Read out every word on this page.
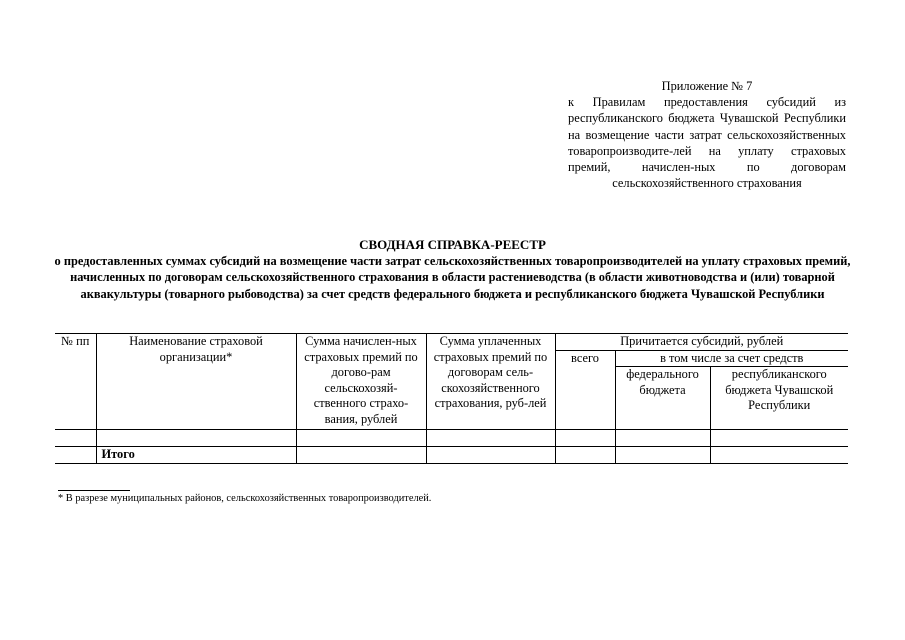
Приложение № 7
к Правилам предоставления субсидий из республиканского бюджета Чувашской Республики на возмещение части затрат сельскохозяйственных товаропроизводите-лей на уплату страховых премий, начислен-ных по договорам сельскохозяйственного страхования
СВОДНАЯ СПРАВКА-РЕЕСТР
о предоставленных суммах субсидий на возмещение части затрат сельскохозяйственных товаропроизводителей на уплату страховых премий, начисленных по договорам сельскохозяйственного страхования в области растениеводства (в области животноводства и (или) товарной аквакультуры (товарного рыбоводства) за счет средств федерального бюджета и республиканского бюджета Чувашской Республики
№ пп	Наименование страховой организации*	Сумма начислен-ных страховых премий по догово-рам сельскохозяй-ственного страхо-вания, рублей	Сумма уплаченных страховых премий по договорам сель-скохозяйственного страхования, руб-лей	Причитается субсидий, рублей		
				всего	в том числе за счет средств	
					федерального бюджета	республиканского бюджета Чувашской Республики

	Итого					
* В разрезе муниципальных районов, сельскохозяйственных товаропроизводителей.
